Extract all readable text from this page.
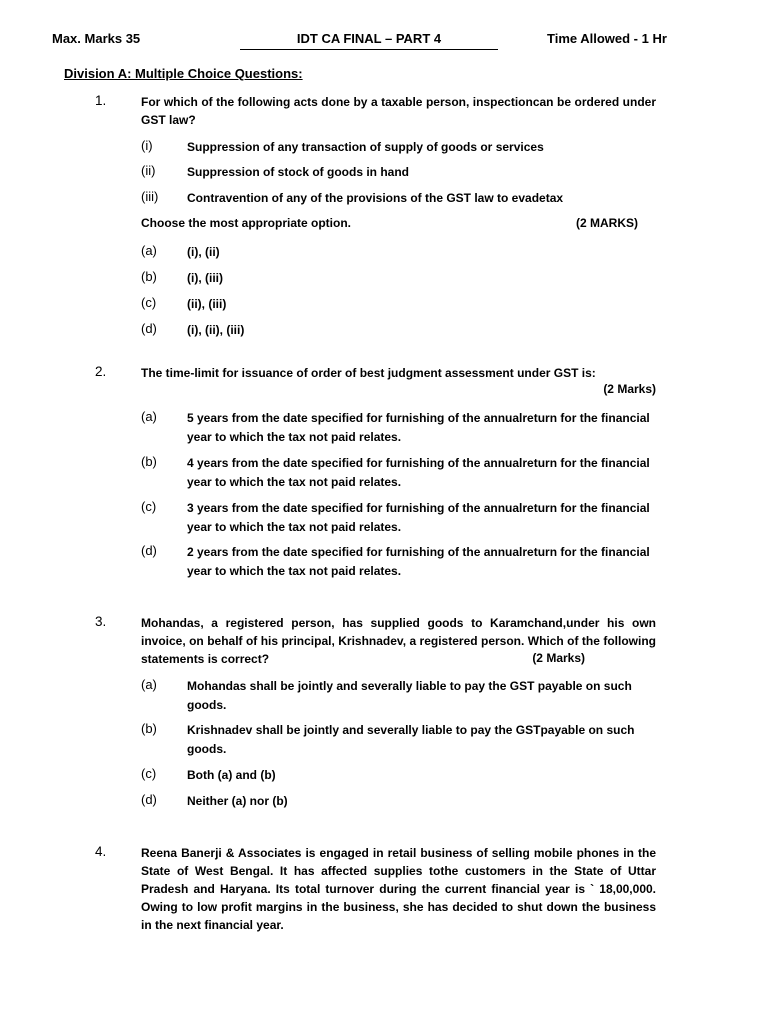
Max. Marks 35	IDT CA FINAL – PART 4	Time Allowed - 1 Hr
Division A: Multiple Choice Questions:
1.	For which of the following acts done by a taxable person, inspectioncan be ordered under GST law?
(i)	Suppression of any transaction of supply of goods or services
(ii)	Suppression of stock of goods in hand
(iii) Contravention of any of the provisions of the GST law to evadetax
Choose the most appropriate option.	(2 MARKS)
(a)	(i), (ii)
(b)	(i), (iii)
(c)	(ii), (iii)
(d)	(i), (ii), (iii)
2.	The time-limit for issuance of order of best judgment assessment under GST is:
(2 Marks)
(a)	5 years from the date specified for furnishing of the annualreturn for the financial year to which the tax not paid relates.
(b)	4 years from the date specified for furnishing of the annualreturn for the financial year to which the tax not paid relates.
(c)	3 years from the date specified for furnishing of the annualreturn for the financial year to which the tax not paid relates.
(d)	2 years from the date specified for furnishing of the annualreturn for the financial year to which the tax not paid relates.
3.	Mohandas, a registered person, has supplied goods to Karamchand,under his own invoice, on behalf of his principal, Krishnadev, a registered person. Which of the following statements is correct?	(2 Marks)
(a)	Mohandas shall be jointly and severally liable to pay the GST payable on such goods.
(b)	Krishnadev shall be jointly and severally liable to pay the GSTpayable on such goods.
(c)	Both (a) and (b)
(d)	Neither (a) nor (b)
4.	Reena Banerji & Associates is engaged in retail business of selling mobile phones in the State of West Bengal. It has affected supplies tothe customers in the State of Uttar Pradesh and Haryana. Its total turnover during the current financial year is ` 18,00,000. Owing to low profit margins in the business, she has decided to shut down the business in the next financial year.
